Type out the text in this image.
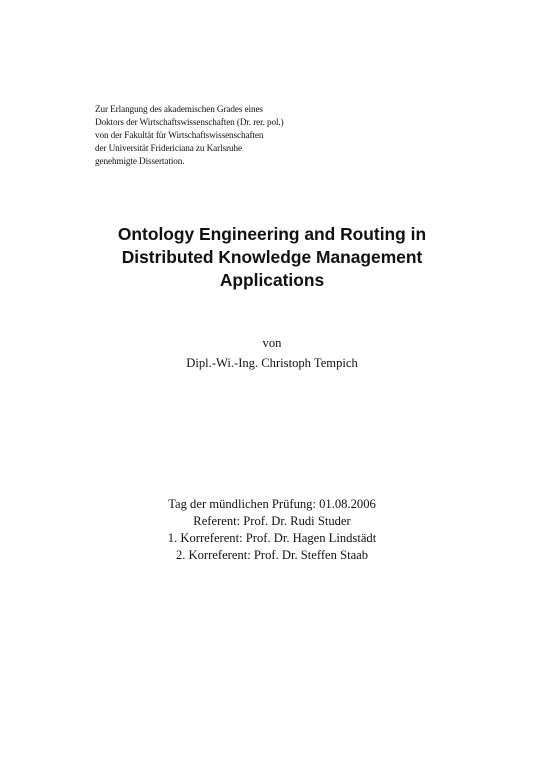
Zur Erlangung des akademischen Grades eines
Doktors der Wirtschaftswissenschaften (Dr. rer. pol.)
von der Fakultät für Wirtschaftswissenschaften
der Universität Fridericiana zu Karlsruhe
genehmigte Dissertation.
Ontology Engineering and Routing in
Distributed Knowledge Management
Applications
von
Dipl.-Wi.-Ing. Christoph Tempich
Tag der mündlichen Prüfung: 01.08.2006
Referent: Prof. Dr. Rudi Studer
1. Korreferent: Prof. Dr. Hagen Lindstädt
2. Korreferent: Prof. Dr. Steffen Staab
